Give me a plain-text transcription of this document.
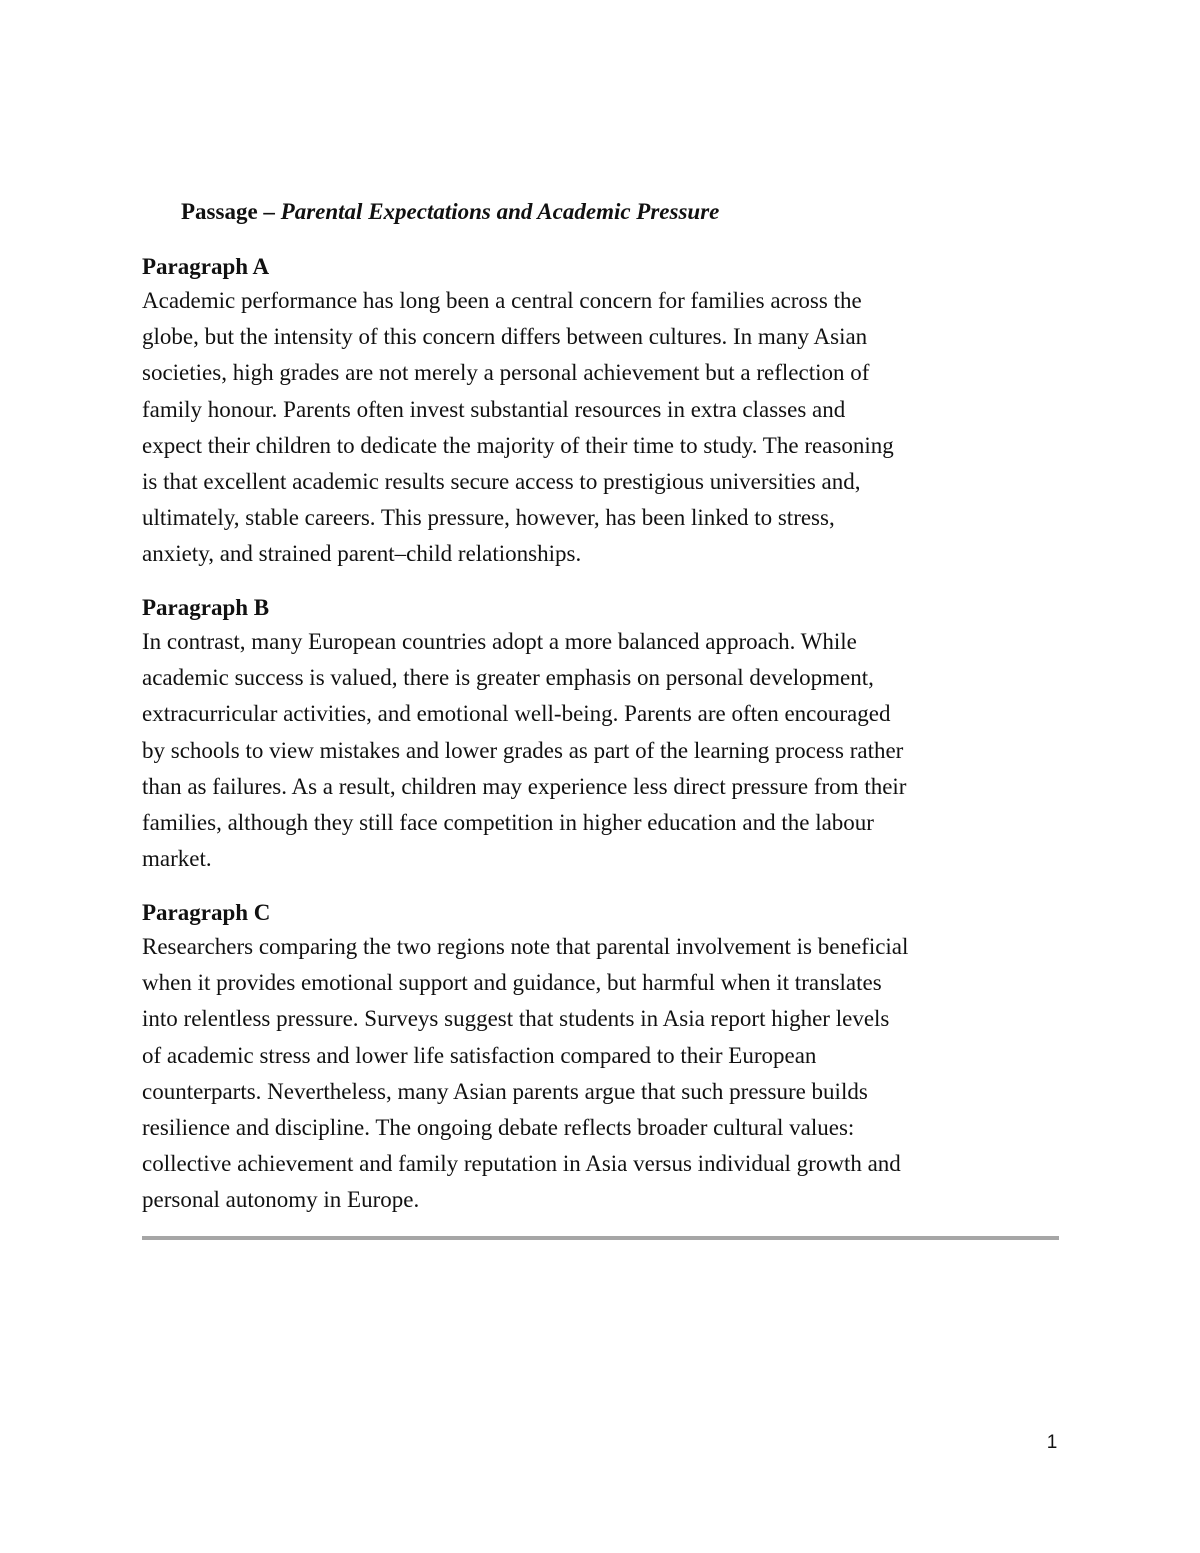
Passage – Parental Expectations and Academic Pressure

Paragraph A

Academic performance has long been a central concern for families across the
globe, but the intensity of this concern differs between cultures. In many Asian
societies, high grades are not merely a personal achievement but a reflection of
family honour. Parents often invest substantial resources in extra classes and
expect their children to dedicate the majority of their time to study. The reasoning
is that excellent academic results secure access to prestigious universities and,
ultimately, stable careers. This pressure, however, has been linked to stress,
anxiety, and strained parent–child relationships.

Paragraph B

In contrast, many European countries adopt a more balanced approach. While
academic success is valued, there is greater emphasis on personal development,
extracurricular activities, and emotional well-being. Parents are often encouraged
by schools to view mistakes and lower grades as part of the learning process rather
than as failures. As a result, children may experience less direct pressure from their
families, although they still face competition in higher education and the labour
market.

Paragraph C

Researchers comparing the two regions note that parental involvement is beneficial
when it provides emotional support and guidance, but harmful when it translates
into relentless pressure. Surveys suggest that students in Asia report higher levels
of academic stress and lower life satisfaction compared to their European
counterparts. Nevertheless, many Asian parents argue that such pressure builds
resilience and discipline. The ongoing debate reflects broader cultural values:
collective achievement and family reputation in Asia versus individual growth and
personal autonomy in Europe.

1
